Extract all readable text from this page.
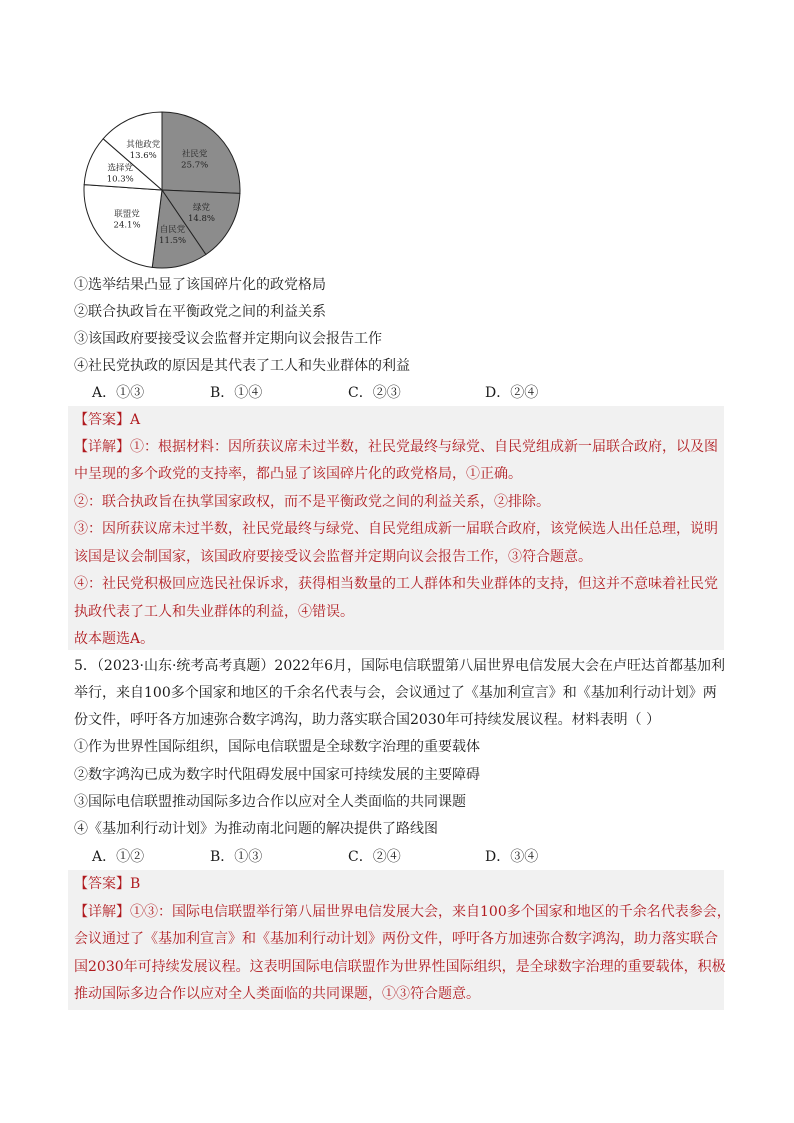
社民党
25.7%
绿党
14.8%
自民党
11.5%
联盟党
24.1%
选择党
10.3%
其他政党
13.6%
①选举结果凸显了该国碎片化的政党格局
②联合执政旨在平衡政党之间的利益关系
③该国政府要接受议会监督并定期向议会报告工作
④社民党执政的原因是其代表了工人和失业群体的利益
A．①③	B．①④	C．②③	D．②④
【答案】A
【详解】①：根据材料：因所获议席未过半数，社民党最终与绿党、自民党组成新一届联合政府，以及图
中呈现的多个政党的支持率，都凸显了该国碎片化的政党格局，①正确。
②：联合执政旨在执掌国家政权，而不是平衡政党之间的利益关系，②排除。
③：因所获议席未过半数，社民党最终与绿党、自民党组成新一届联合政府，该党候选人出任总理，说明
该国是议会制国家，该国政府要接受议会监督并定期向议会报告工作，③符合题意。
④：社民党积极回应选民社保诉求，获得相当数量的工人群体和失业群体的支持，但这并不意味着社民党
执政代表了工人和失业群体的利益，④错误。
故本题选A。
5．（2023·山东·统考高考真题）2022年6月，国际电信联盟第八届世界电信发展大会在卢旺达首都基加利
举行，来自100多个国家和地区的千余名代表与会，会议通过了《基加利宣言》和《基加利行动计划》两
份文件，呼吁各方加速弥合数字鸿沟，助力落实联合国2030年可持续发展议程。材料表明（ ）
①作为世界性国际组织，国际电信联盟是全球数字治理的重要载体
②数字鸿沟已成为数字时代阻碍发展中国家可持续发展的主要障碍
③国际电信联盟推动国际多边合作以应对全人类面临的共同课题
④《基加利行动计划》为推动南北问题的解决提供了路线图
A．①②	B．①③	C．②④	D．③④
【答案】B
【详解】①③：国际电信联盟举行第八届世界电信发展大会，来自100多个国家和地区的千余名代表参会，
会议通过了《基加利宣言》和《基加利行动计划》两份文件，呼吁各方加速弥合数字鸿沟，助力落实联合
国2030年可持续发展议程。这表明国际电信联盟作为世界性国际组织，是全球数字治理的重要载体，积极
推动国际多边合作以应对全人类面临的共同课题，①③符合题意。
